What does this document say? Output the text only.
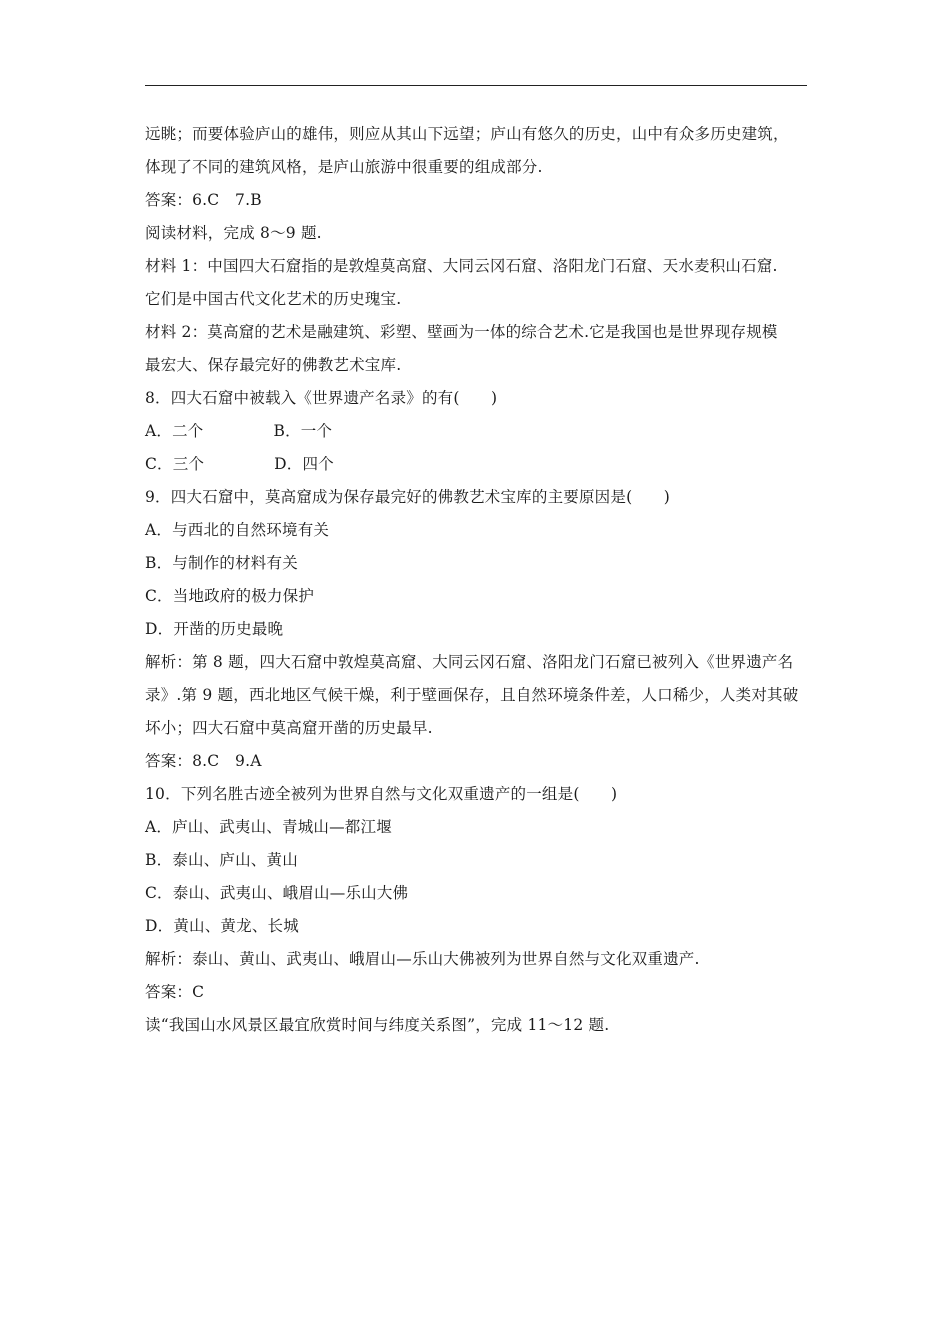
远眺；而要体验庐山的雄伟，则应从其山下远望；庐山有悠久的历史，山中有众多历史建筑，
体现了不同的建筑风格，是庐山旅游中很重要的组成部分.
答案：6.C　7.B
阅读材料，完成 8～9 题.
材料 1：中国四大石窟指的是敦煌莫高窟、大同云冈石窟、洛阳龙门石窟、天水麦积山石窟.
它们是中国古代文化艺术的历史瑰宝.
材料 2：莫高窟的艺术是融建筑、彩塑、壁画为一体的综合艺术.它是我国也是世界现存规模
最宏大、保存最完好的佛教艺术宝库.
8．四大石窟中被载入《世界遗产名录》的有(　　)
A．二个	B．一个
C．三个	D．四个
9．四大石窟中，莫高窟成为保存最完好的佛教艺术宝库的主要原因是(　　)
A．与西北的自然环境有关
B．与制作的材料有关
C．当地政府的极力保护
D．开凿的历史最晚
解析：第 8 题，四大石窟中敦煌莫高窟、大同云冈石窟、洛阳龙门石窟已被列入《世界遗产名
录》.第 9 题，西北地区气候干燥，利于壁画保存，且自然环境条件差，人口稀少，人类对其破
坏小；四大石窟中莫高窟开凿的历史最早.
答案：8.C　9.A
10．下列名胜古迹全被列为世界自然与文化双重遗产的一组是(　　)
A．庐山、武夷山、青城山—都江堰
B．泰山、庐山、黄山
C．泰山、武夷山、峨眉山—乐山大佛
D．黄山、黄龙、长城
解析：泰山、黄山、武夷山、峨眉山—乐山大佛被列为世界自然与文化双重遗产.
答案：C
读“我国山水风景区最宜欣赏时间与纬度关系图”，完成 11～12 题.
